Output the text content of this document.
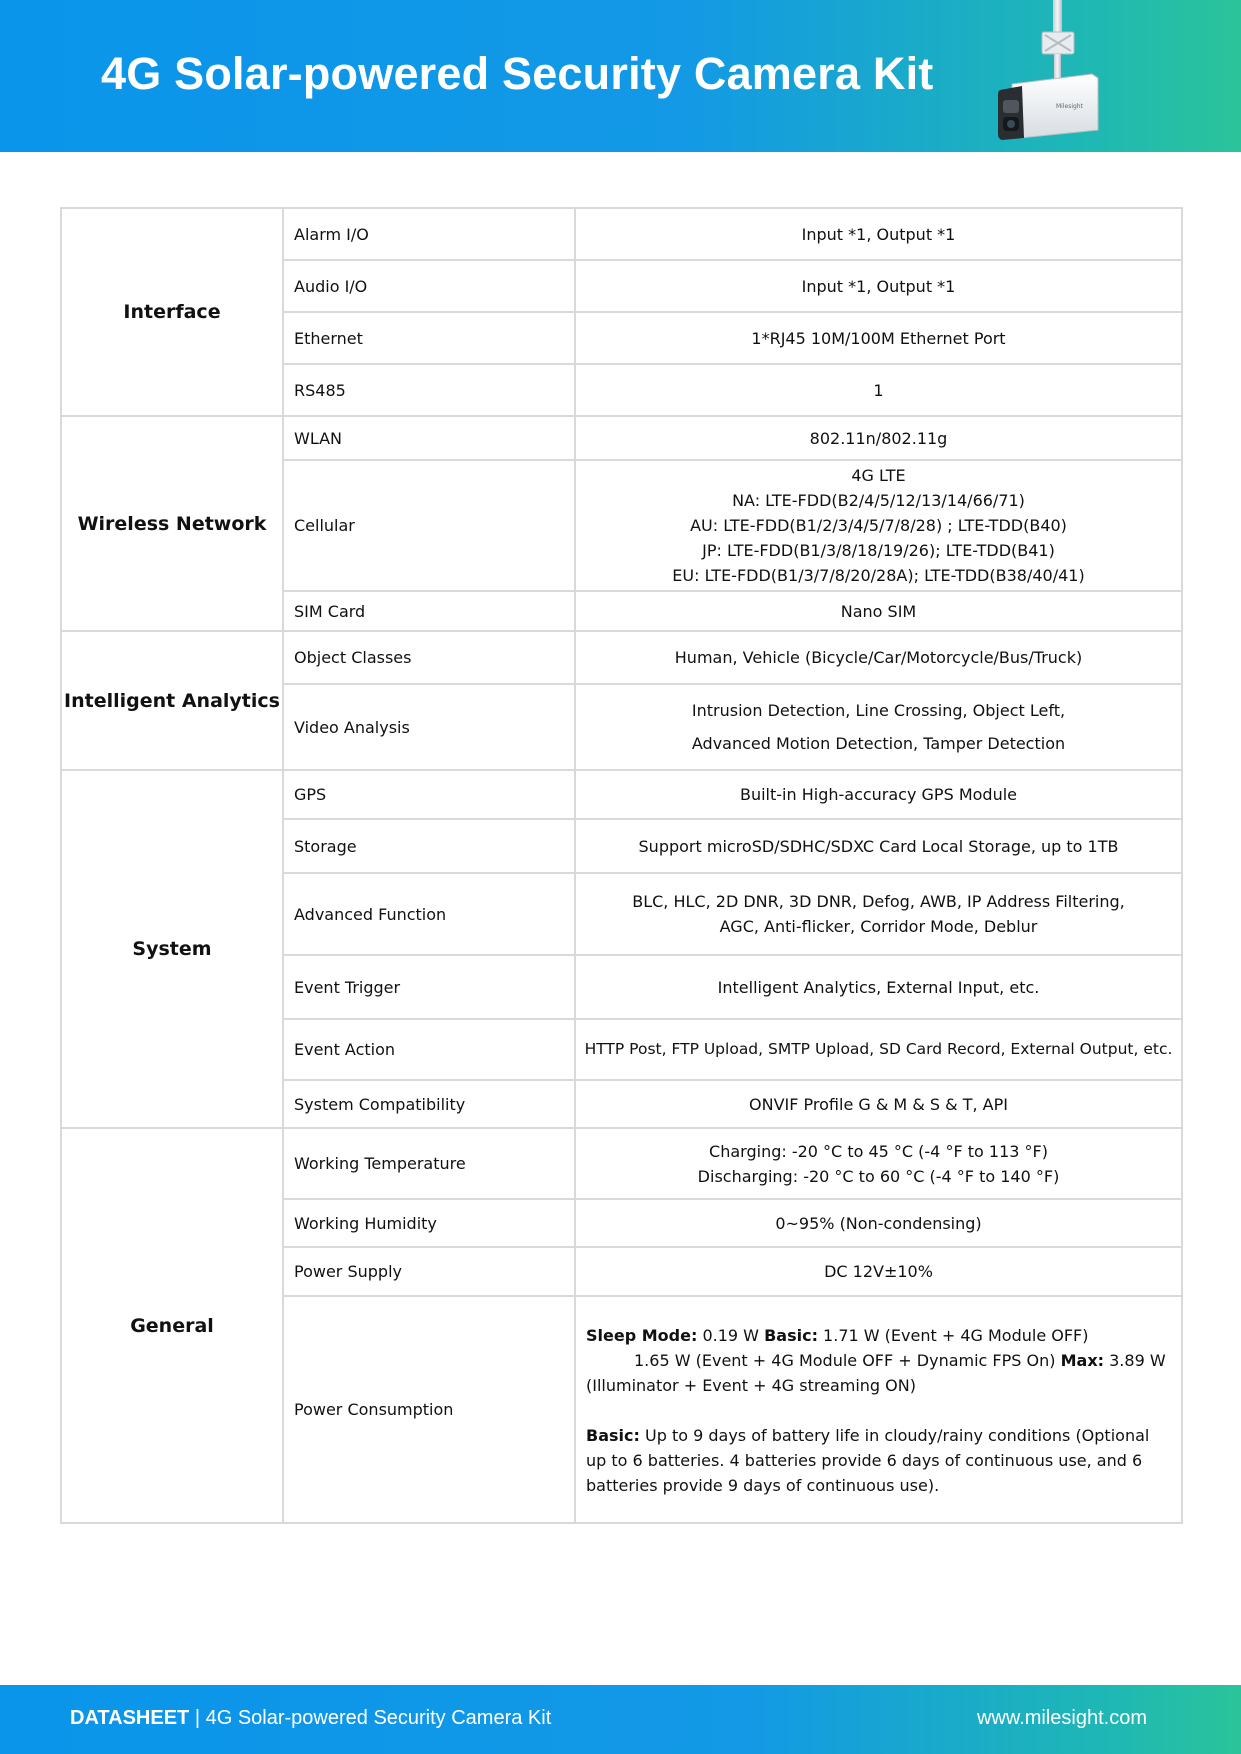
4G Solar-powered Security Camera Kit
Milesight
Interface	Alarm I/O	Input *1, Output *1
	Audio I/O	Input *1, Output *1
	Ethernet	1*RJ45 10M/100M Ethernet Port
	RS485	1
Wireless Network	WLAN	802.11n/802.11g
	Cellular	4G LTE
NA: LTE-FDD(B2/4/5/12/13/14/66/71)
AU: LTE-FDD(B1/2/3/4/5/7/8/28) ; LTE-TDD(B40)
JP: LTE-FDD(B1/3/8/18/19/26); LTE-TDD(B41)
EU: LTE-FDD(B1/3/7/8/20/28A); LTE-TDD(B38/40/41)

	SIM Card	Nano SIM
Intelligent Analytics	Object Classes	Human, Vehicle (Bicycle/Car/Motorcycle/Bus/Truck)
	Video Analysis	Intrusion Detection, Line Crossing, Object Left,
Advanced Motion Detection, Tamper Detection

System	GPS	Built-in High-accuracy GPS Module
	Storage	Support microSD/SDHC/SDXC Card Local Storage, up to 1TB
	Advanced Function	BLC, HLC, 2D DNR, 3D DNR, Defog, AWB, IP Address Filtering,
AGC, Anti-flicker, Corridor Mode, Deblur

	Event Trigger	Intelligent Analytics, External Input, etc.
	Event Action	HTTP Post, FTP Upload, SMTP Upload, SD Card Record, External Output, etc.
	System Compatibility	ONVIF Profile G & M & S & T, API
General	Working Temperature	Charging: -20 °C to 45 °C (-4 °F to 113 °F)
Discharging: -20 °C to 60 °C (-4 °F to 140 °F)

	Working Humidity	0~95% (Non-condensing)
	Power Supply	DC 12V±10%
	Power Consumption	Sleep Mode: 0.19 W Basic: 1.71 W (Event + 4G Module OFF) 1.65 W (Event + 4G Module OFF + Dynamic FPS On) Max: 3.89 W (Illuminator + Event + 4G streaming ON)
Basic: Up to 9 days of battery life in cloudy/rainy conditions (Optional up to 6 batteries. 4 batteries provide 6 days of continuous use, and 6 batteries provide 9 days of continuous use).
DATASHEET | 4G Solar-powered Security Camera Kit	www.milesight.com
